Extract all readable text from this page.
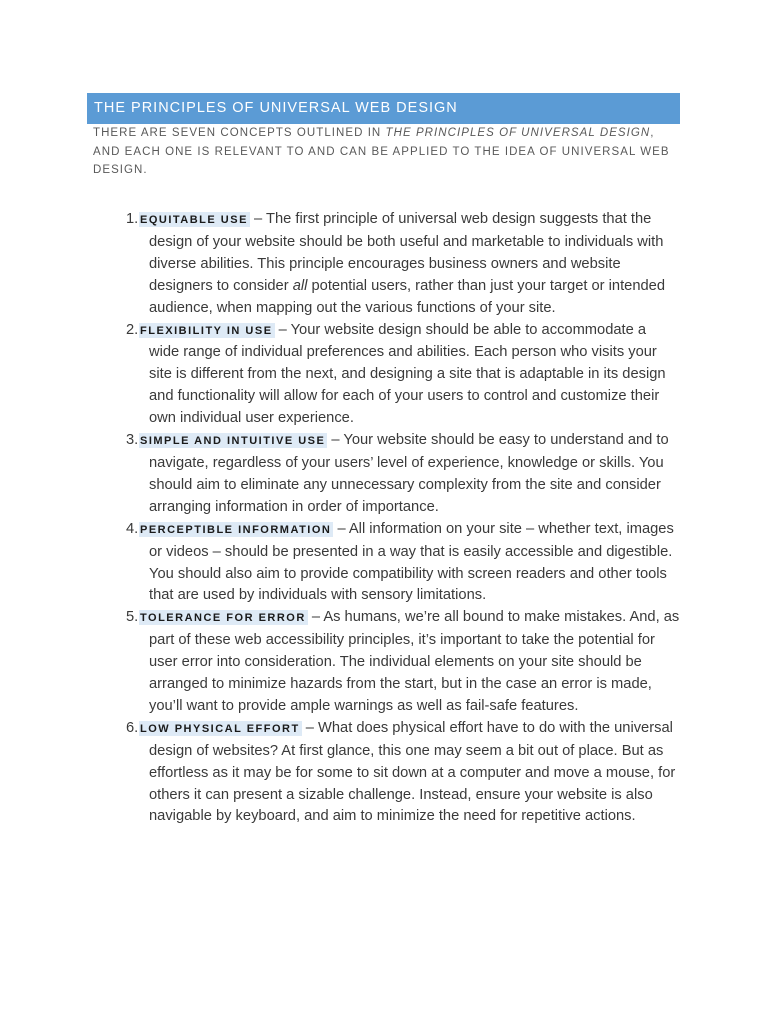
THE PRINCIPLES OF UNIVERSAL WEB DESIGN
THERE ARE SEVEN CONCEPTS OUTLINED IN THE PRINCIPLES OF UNIVERSAL DESIGN, AND EACH ONE IS RELEVANT TO AND CAN BE APPLIED TO THE IDEA OF UNIVERSAL WEB DESIGN.
1. EQUITABLE USE – The first principle of universal web design suggests that the design of your website should be both useful and marketable to individuals with diverse abilities. This principle encourages business owners and website designers to consider all potential users, rather than just your target or intended audience, when mapping out the various functions of your site.
2. FLEXIBILITY IN USE – Your website design should be able to accommodate a wide range of individual preferences and abilities. Each person who visits your site is different from the next, and designing a site that is adaptable in its design and functionality will allow for each of your users to control and customize their own individual user experience.
3. SIMPLE AND INTUITIVE USE – Your website should be easy to understand and to navigate, regardless of your users’ level of experience, knowledge or skills. You should aim to eliminate any unnecessary complexity from the site and consider arranging information in order of importance.
4. PERCEPTIBLE INFORMATION – All information on your site – whether text, images or videos – should be presented in a way that is easily accessible and digestible. You should also aim to provide compatibility with screen readers and other tools that are used by individuals with sensory limitations.
5. TOLERANCE FOR ERROR – As humans, we’re all bound to make mistakes. And, as part of these web accessibility principles, it’s important to take the potential for user error into consideration. The individual elements on your site should be arranged to minimize hazards from the start, but in the case an error is made, you’ll want to provide ample warnings as well as fail-safe features.
6. LOW PHYSICAL EFFORT – What does physical effort have to do with the universal design of websites? At first glance, this one may seem a bit out of place. But as effortless as it may be for some to sit down at a computer and move a mouse, for others it can present a sizable challenge. Instead, ensure your website is also navigable by keyboard, and aim to minimize the need for repetitive actions.
